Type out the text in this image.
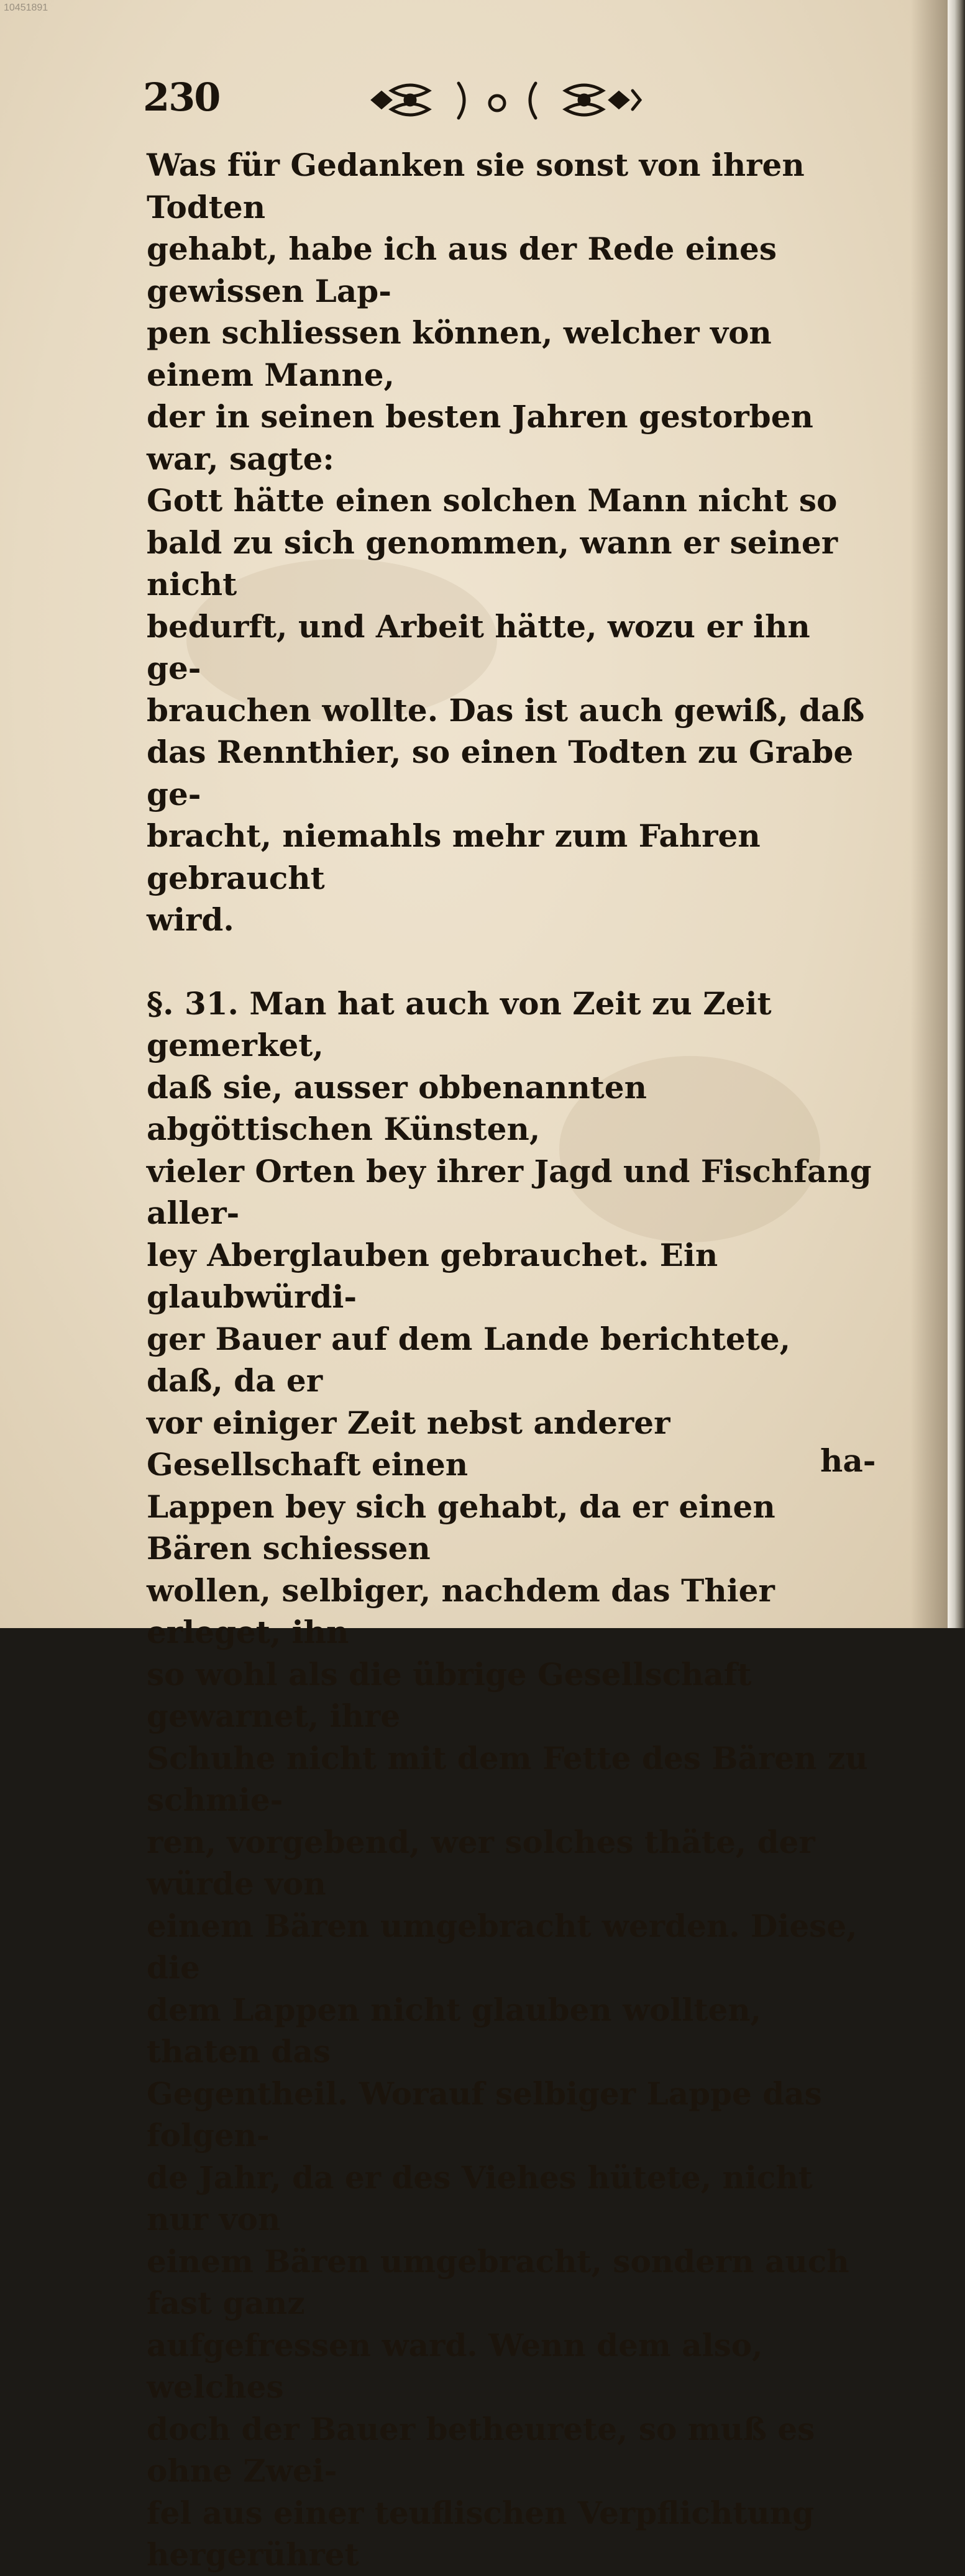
10451891
230

Was für Gedanken sie sonst von ihren Todten
gehabt, habe ich aus der Rede eines gewissen Lap-
pen schliessen können, welcher von einem Manne,
der in seinen besten Jahren gestorben war, sagte:
Gott hätte einen solchen Mann nicht so
bald zu sich genommen, wann er seiner nicht
bedurft, und Arbeit hätte, wozu er ihn ge-
brauchen wollte. Das ist auch gewiß, daß
das Rennthier, so einen Todten zu Grabe ge-
bracht, niemahls mehr zum Fahren gebraucht
wird.

§. 31. Man hat auch von Zeit zu Zeit gemerket,
daß sie, ausser obbenannten abgöttischen Künsten,
vieler Orten bey ihrer Jagd und Fischfang aller-
ley Aberglauben gebrauchet. Ein glaubwürdi-
ger Bauer auf dem Lande berichtete, daß, da er
vor einiger Zeit nebst anderer Gesellschaft einen
Lappen bey sich gehabt, da er einen Bären schiessen
wollen, selbiger, nachdem das Thier erleget, ihn
so wohl als die übrige Gesellschaft gewarnet, ihre
Schuhe nicht mit dem Fette des Bären zu schmie-
ren, vorgebend, wer solches thäte, der würde von
einem Bären umgebracht werden. Diese, die
dem Lappen nicht glauben wollten, thaten das
Gegentheil. Worauf selbiger Lappe das folgen-
de Jahr, da er des Viehes hütete, nicht nur von
einem Bären umgebracht, sondern auch fast ganz
aufgefressen ward. Wenn dem also, welches
doch der Bauer betheurete, so muß es ohne Zwei-
fel aus einer teuflischen Verpflichtung hergerühret

ha-
